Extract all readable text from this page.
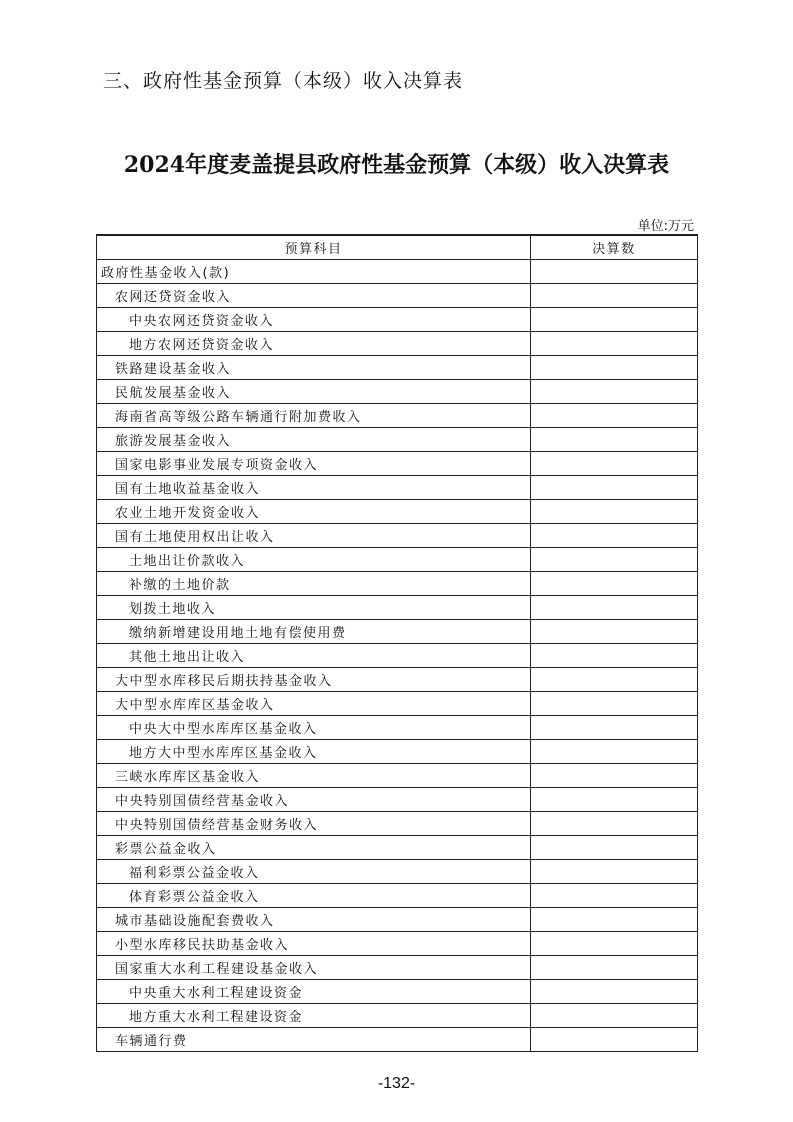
三、政府性基金预算（本级）收入决算表
2024年度麦盖提县政府性基金预算（本级）收入决算表
单位:万元
预算科目	决算数
政府性基金收入(款)	
农网还贷资金收入	
中央农网还贷资金收入	
地方农网还贷资金收入	
铁路建设基金收入	
民航发展基金收入	
海南省高等级公路车辆通行附加费收入	
旅游发展基金收入	
国家电影事业发展专项资金收入	
国有土地收益基金收入	
农业土地开发资金收入	
国有土地使用权出让收入	
土地出让价款收入	
补缴的土地价款	
划拨土地收入	
缴纳新增建设用地土地有偿使用费	
其他土地出让收入	
大中型水库移民后期扶持基金收入	
大中型水库库区基金收入	
中央大中型水库库区基金收入	
地方大中型水库库区基金收入	
三峡水库库区基金收入	
中央特别国债经营基金收入	
中央特别国债经营基金财务收入	
彩票公益金收入	
福利彩票公益金收入	
体育彩票公益金收入	
城市基础设施配套费收入	
小型水库移民扶助基金收入	
国家重大水利工程建设基金收入	
中央重大水利工程建设资金	
地方重大水利工程建设资金	
车辆通行费	
-132-
